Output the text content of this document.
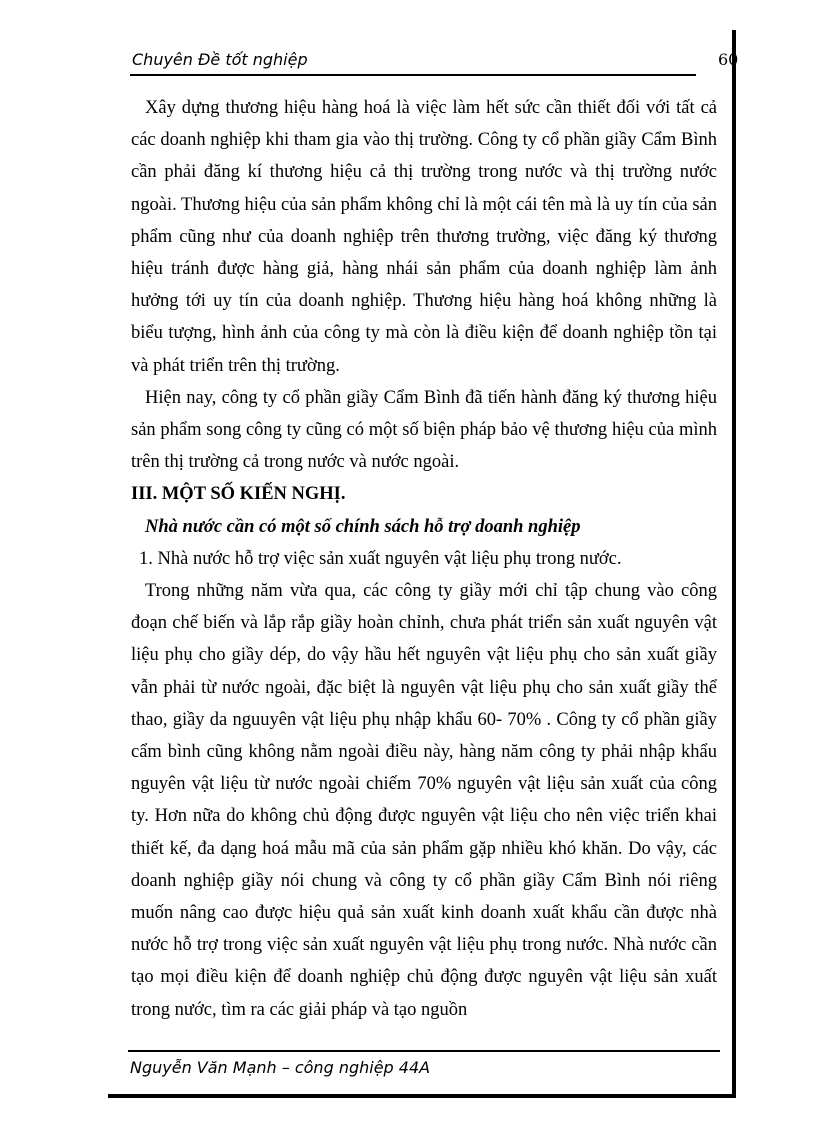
Chuyên Đề tốt nghiệp	60

Xây dựng thương hiệu hàng hoá là việc làm hết sức cần thiết đối với tất cả các doanh nghiệp khi tham gia vào thị trường. Công ty cổ phần giầy Cẩm Bình cần phải đăng kí thương hiệu cả thị trường trong nước và thị trường nước ngoài. Thương hiệu của sản phẩm không chỉ là một cái tên mà là uy tín của sản phẩm cũng như của doanh nghiệp trên thương trường, việc đăng ký thương hiệu tránh được hàng giả, hàng nhái sản phẩm của doanh nghiệp làm ảnh hưởng tới uy tín của doanh nghiệp. Thương hiệu hàng hoá không những là biểu tượng, hình ảnh của công ty mà còn là điều kiện để doanh nghiệp tồn tại và phát triển trên thị trường.

Hiện nay, công ty cổ phần giầy Cẩm Bình đã tiến hành đăng ký thương hiệu sản phẩm song công ty cũng có một số biện pháp bảo vệ thương hiệu của mình trên thị trường cả trong nước và nước ngoài.

III. MỘT SỐ KIẾN NGHỊ.

Nhà nước cần có một số chính sách hỗ trợ doanh nghiệp

1. Nhà nước hỗ trợ việc sản xuất nguyên vật liệu phụ trong nước.

Trong những năm vừa qua, các công ty giầy mới chỉ tập chung vào công đoạn chế biến và lắp rắp giầy hoàn chỉnh, chưa phát triển sản xuất nguyên vật liệu phụ cho giầy dép, do vậy hầu hết nguyên vật liệu phụ cho sản xuất giầy vẫn phải từ nước ngoài, đặc biệt là nguyên vật liệu phụ cho sản xuất giầy thể thao, giầy da nguuyên vật liệu phụ nhập khẩu 60- 70% . Công ty cổ phần giầy cẩm bình cũng không nằm ngoài điều này, hàng năm công ty phải nhập khẩu nguyên vật liệu từ nước ngoài chiếm 70% nguyên vật liệu sản xuất của công ty. Hơn nữa do không chủ động được nguyên vật liệu cho nên việc triển khai thiết kế, đa dạng hoá mẫu mã của sản phẩm gặp nhiều khó khăn. Do vậy, các doanh nghiệp giầy nói chung và công ty cổ phần giầy Cẩm Bình nói riêng muốn nâng cao được hiệu quả sản xuất kinh doanh xuất khẩu cần được nhà nước hỗ trợ trong việc sản xuất nguyên vật liệu phụ trong nước. Nhà nước cần tạo mọi điều kiện để doanh nghiệp chủ động được nguyên vật liệu sản xuất trong nước, tìm ra các giải pháp và tạo nguồn

Nguyễn Văn Mạnh – công nghiệp 44A
